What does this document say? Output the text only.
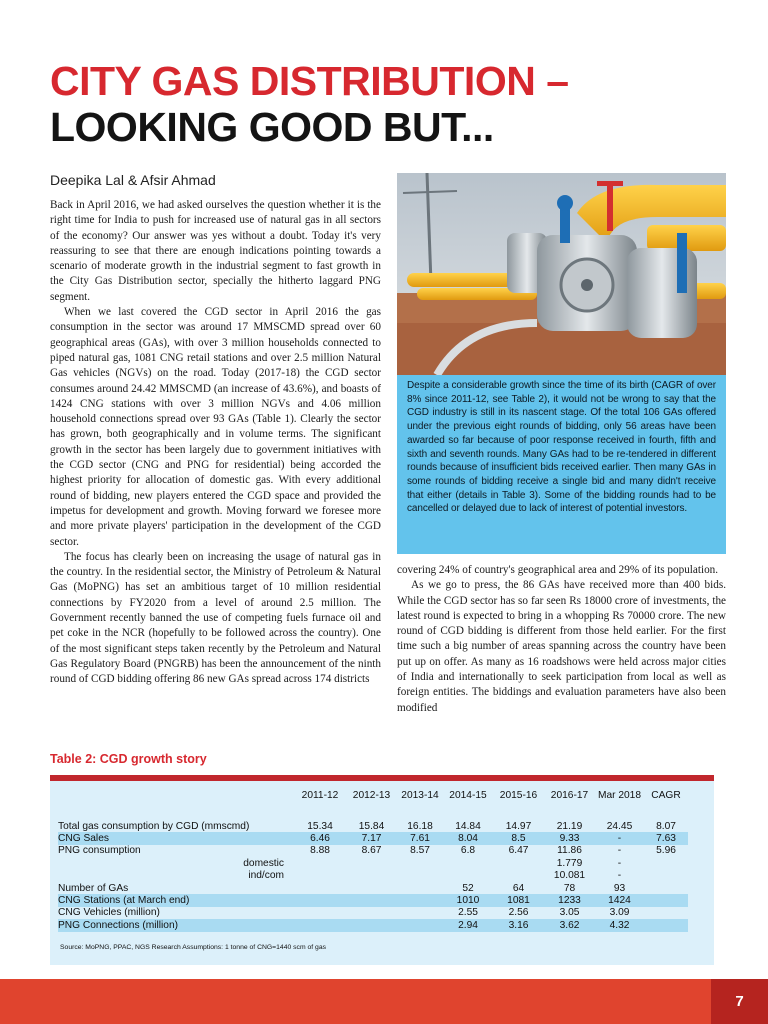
CITY GAS DISTRIBUTION –
LOOKING GOOD BUT...
Deepika Lal & Afsir Ahmad

Back in April 2016, we had asked ourselves the question whether it is the right time for India to push for increased use of natural gas in all sectors of the economy? Our answer was yes without a doubt. Today it's very reassuring to see that there are enough indications pointing towards a scenario of moderate growth in the industrial segment to fast growth in the City Gas Distribution sector, specially the hitherto laggard PNG segment.

When we last covered the CGD sector in April 2016 the gas consumption in the sector was around 17 MMSCMD spread over 60 geographical areas (GAs), with over 3 million households connected to piped natural gas, 1081 CNG retail stations and over 2.5 million Natural Gas vehicles (NGVs) on the road. Today (2017-18) the CGD sector consumes around 24.42 MMSCMD (an increase of 43.6%), and boasts of 1424 CNG stations with over 3 million NGVs and 4.06 million household connections spread over 93 GAs (Table 1). Clearly the sector has grown, both geographically and in volume terms. The significant growth in the sector has been largely due to government initiatives with the CGD sector (CNG and PNG for residential) being accorded the highest priority for allocation of domestic gas. With every additional round of bidding, new players entered the CGD space and provided the impetus for development and growth. Moving forward we foresee more and more private players' participation in the development of the CGD sector.

The focus has clearly been on increasing the usage of natural gas in the country. In the residential sector, the Ministry of Petroleum & Natural Gas (MoPNG) has set an ambitious target of 10 million residential connections by FY2020 from a level of around 2.5 million. The Government recently banned the use of competing fuels furnace oil and pet coke in the NCR (hopefully to be followed across the country). One of the most significant steps taken recently by the Petroleum and Natural Gas Regulatory Board (PNGRB) has been the announcement of the ninth round of CGD bidding offering 86 new GAs spread across 174 districts

Despite a considerable growth since the time of its birth (CAGR of over 8% since 2011-12, see Table 2), it would not be wrong to say that the CGD industry is still in its nascent stage. Of the total 106 GAs offered under the previous eight rounds of bidding, only 56 areas have been awarded so far because of poor response received in fourth, fifth and sixth and seventh rounds. Many GAs had to be re-tendered in different rounds because of insufficient bids received earlier. Then many GAs in some rounds of bidding receive a single bid and many didn't receive that either (details in Table 3). Some of the bidding rounds had to be cancelled or delayed due to lack of interest of potential investors.

covering 24% of country's geographical area and 29% of its population.

As we go to press, the 86 GAs have received more than 400 bids. While the CGD sector has so far seen Rs 18000 crore of investments, the latest round is expected to bring in a whopping Rs 70000 crore. The new round of CGD bidding is different from those held earlier. For the first time such a big number of areas spanning across the country have been put up on offer. As many as 16 roadshows were held across major cities of India and internationally to seek participation from local as well as foreign entities. The biddings and evaluation parameters have also been modified

Table 2: CGD growth story
	2011-12	2012-13	2013-14	2014-15	2015-16	2016-17	Mar 2018	CAGR
Total gas consumption by CGD (mmscmd)	15.34	15.84	16.18	14.84	14.97	21.19	24.45	8.07
CNG Sales	6.46	7.17	7.61	8.04	8.5	9.33	-	7.63
PNG consumption	8.88	8.67	8.57	6.8	6.47	11.86	-	5.96
domestic						1.779	-	
ind/com						10.081	-	
Number of GAs				52	64	78	93	
CNG Stations (at March end)				1010	1081	1233	1424	
CNG Vehicles (million)				2.55	2.56	3.05	3.09	
PNG Connections (million)				2.94	3.16	3.62	4.32	
Source: MoPNG, PPAC, NGS Research Assumptions: 1 tonne of CNG=1440 scm of gas
7
